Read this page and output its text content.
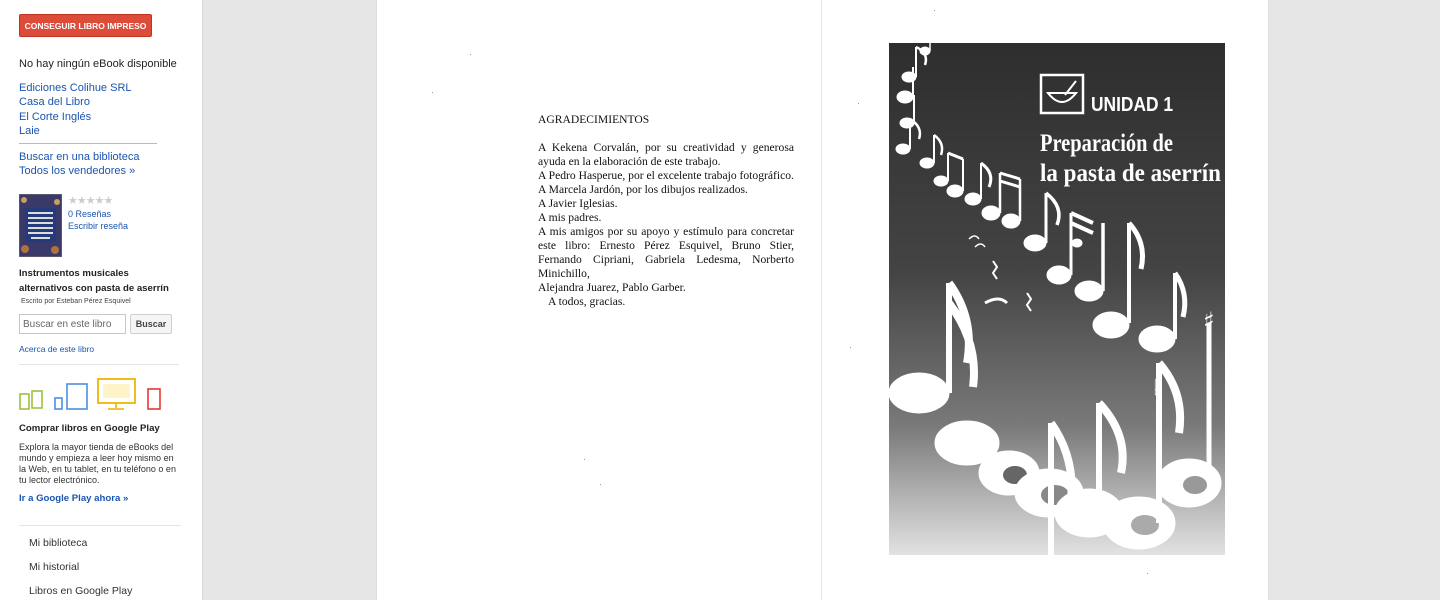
CONSEGUIR LIBRO IMPRESO
No hay ningún eBook disponible
Ediciones Colihue SRL
Casa del Libro
El Corte Inglés
Laie
Buscar en una biblioteca
Todos los vendedores »
★★★★★
0 Reseñas
Escribir reseña
Instrumentos musicales alternativos con pasta de aserrín
Escrito por Esteban Pérez Esquivel
Buscar en este libro
Buscar
Acerca de este libro
Comprar libros en Google Play
Explora la mayor tienda de eBooks del mundo y empieza a leer hoy mismo en la Web, en tu tablet, en tu teléfono o en tu lector electrónico.
Ir a Google Play ahora »
Mi biblioteca
Mi historial
Libros en Google Play

AGRADECIMIENTOS

A Kekena Corvalán, por su creatividad y generosa ayuda en la elaboración de este trabajo.

A Pedro Hasperue, por el excelente trabajo fotográfico.

A Marcela Jardón, por los dibujos realizados.

A Javier Iglesias.

A mis padres.

A mis amigos por su apoyo y estímulo para concretar este libro: Ernesto Pérez Esquivel, Bruno Stier, Fernando Cipriani, Gabriela Ledesma, Norberto Minichillo,

Alejandra Juarez, Pablo Garber.

A todos, gracias.

UNIDAD 1
Preparación de
la pasta de aserrín
♯
♭
